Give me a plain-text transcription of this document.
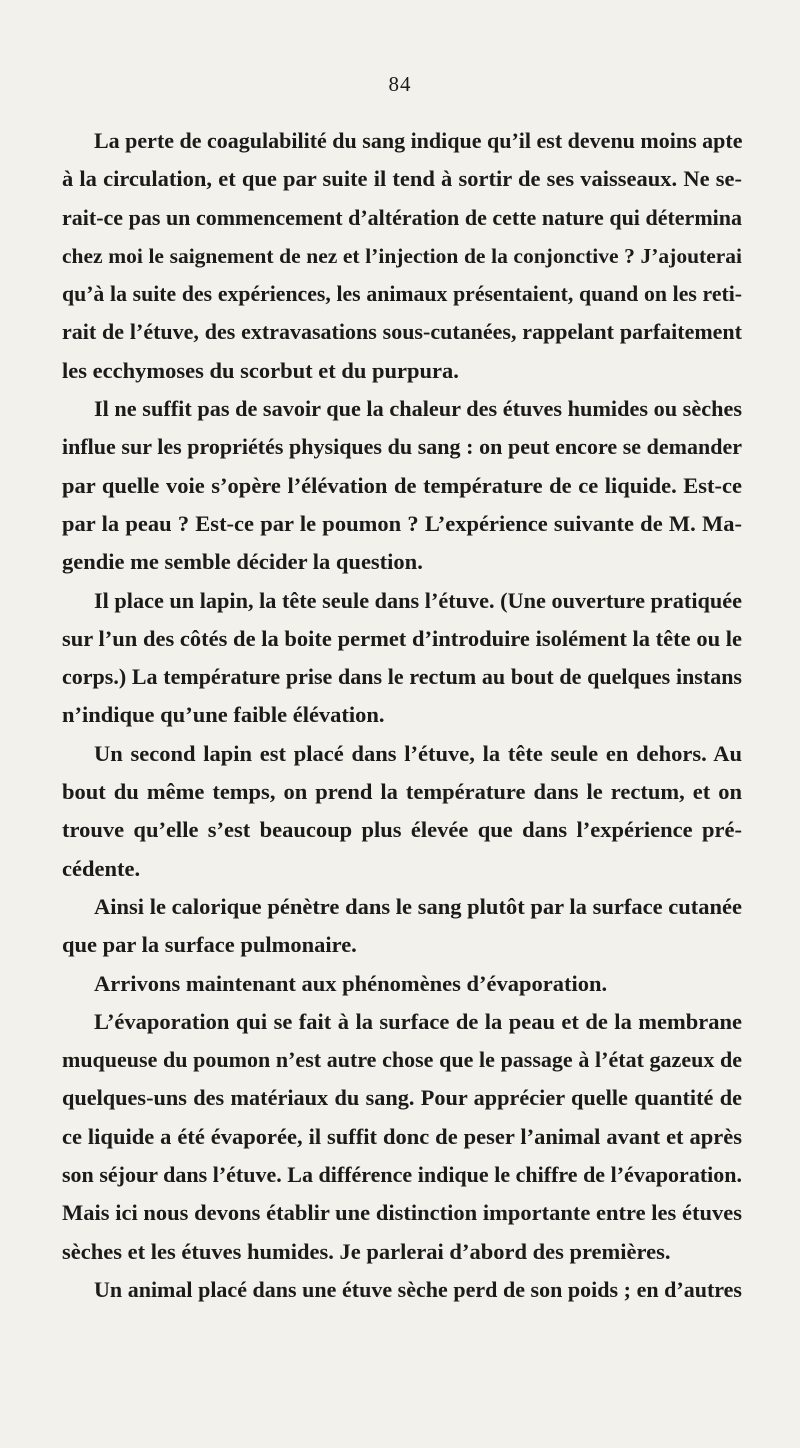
84
La perte de coagulabilité du sang indique qu’il est devenu moins apte
à la circulation, et que par suite il tend à sortir de ses vaisseaux. Ne se-
rait-ce pas un commencement d’altération de cette nature qui détermina
chez moi le saignement de nez et l’injection de la conjonctive ? J’ajouterai
qu’à la suite des expériences, les animaux présentaient, quand on les reti-
rait de l’étuve, des extravasations sous-cutanées, rappelant parfaitement
les ecchymoses du scorbut et du purpura.
Il ne suffit pas de savoir que la chaleur des étuves humides ou sèches
influe sur les propriétés physiques du sang : on peut encore se demander
par quelle voie s’opère l’élévation de température de ce liquide. Est-ce
par la peau ? Est-ce par le poumon ? L’expérience suivante de M. Ma-
gendie me semble décider la question.
Il place un lapin, la tête seule dans l’étuve. (Une ouverture pratiquée
sur l’un des côtés de la boite permet d’introduire isolément la tête ou le
corps.) La température prise dans le rectum au bout de quelques instans
n’indique qu’une faible élévation.
Un second lapin est placé dans l’étuve, la tête seule en dehors. Au
bout du même temps, on prend la température dans le rectum, et on
trouve qu’elle s’est beaucoup plus élevée que dans l’expérience pré-
cédente.
Ainsi le calorique pénètre dans le sang plutôt par la surface cutanée
que par la surface pulmonaire.
Arrivons maintenant aux phénomènes d’évaporation.
L’évaporation qui se fait à la surface de la peau et de la membrane
muqueuse du poumon n’est autre chose que le passage à l’état gazeux de
quelques-uns des matériaux du sang. Pour apprécier quelle quantité de
ce liquide a été évaporée, il suffit donc de peser l’animal avant et après
son séjour dans l’étuve. La différence indique le chiffre de l’évaporation.
Mais ici nous devons établir une distinction importante entre les étuves
sèches et les étuves humides. Je parlerai d’abord des premières.
Un animal placé dans une étuve sèche perd de son poids ; en d’autres
